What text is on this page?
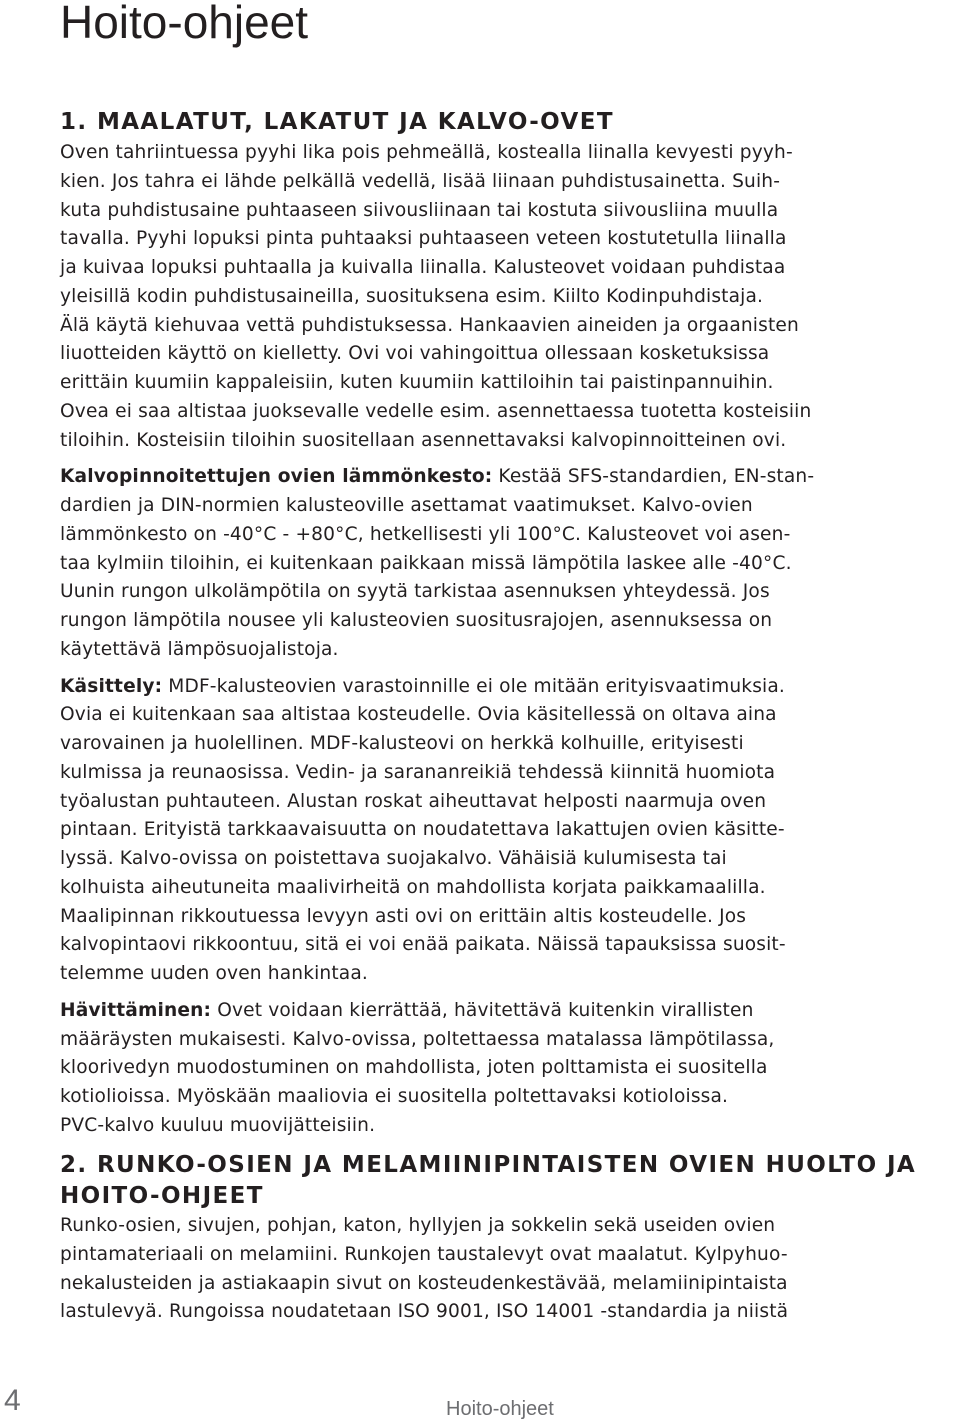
Hoito-ohjeet
1. MAALATUT, LAKATUT JA KALVO-OVET

Oven tahriintuessa pyyhi lika pois pehmeällä, kostealla liinalla kevyesti pyyh-
kien. Jos tahra ei lähde pelkällä vedellä, lisää liinaan puhdistusainetta. Suih-
kuta puhdistusaine puhtaaseen siivousliinaan tai kostuta siivousliina muulla
tavalla. Pyyhi lopuksi pinta puhtaaksi puhtaaseen veteen kostutetulla liinalla
ja kuivaa lopuksi puhtaalla ja kuivalla liinalla. Kalusteovet voidaan puhdistaa
yleisillä kodin puhdistusaineilla, suosituksena esim. Kiilto Kodinpuhdistaja.
Älä käytä kiehuvaa vettä puhdistuksessa. Hankaavien aineiden ja orgaanisten
liuotteiden käyttö on kielletty. Ovi voi vahingoittua ollessaan kosketuksissa
erittäin kuumiin kappaleisiin, kuten kuumiin kattiloihin tai paistinpannuihin.
Ovea ei saa altistaa juoksevalle vedelle esim. asennettaessa tuotetta kosteisiin
tiloihin. Kosteisiin tiloihin suositellaan asennettavaksi kalvopinnoitteinen ovi.

Kalvopinnoitettujen ovien lämmönkesto: Kestää SFS-standardien, EN-stan-
dardien ja DIN-normien kalusteoville asettamat vaatimukset. Kalvo-ovien
lämmönkesto on -40°C - +80°C, hetkellisesti yli 100°C. Kalusteovet voi asen-
taa kylmiin tiloihin, ei kuitenkaan paikkaan missä lämpötila laskee alle -40°C.
Uunin rungon ulkolämpötila on syytä tarkistaa asennuksen yhteydessä. Jos
rungon lämpötila nousee yli kalusteovien suositusrajojen, asennuksessa on
käytettävä lämpösuojalistoja.

Käsittely: MDF-kalusteovien varastoinnille ei ole mitään erityisvaatimuksia.
Ovia ei kuitenkaan saa altistaa kosteudelle. Ovia käsitellessä on oltava aina
varovainen ja huolellinen. MDF-kalusteovi on herkkä kolhuille, erityisesti
kulmissa ja reunaosissa. Vedin- ja sarananreikiä tehdessä kiinnitä huomiota
työalustan puhtauteen. Alustan roskat aiheuttavat helposti naarmuja oven
pintaan. Erityistä tarkkaavaisuutta on noudatettava lakattujen ovien käsitte-
lyssä. Kalvo-ovissa on poistettava suojakalvo. Vähäisiä kulumisesta tai
kolhuista aiheutuneita maalivirheitä on mahdollista korjata paikkamaalilla.
Maalipinnan rikkoutuessa levyyn asti ovi on erittäin altis kosteudelle. Jos
kalvopintaovi rikkoontuu, sitä ei voi enää paikata. Näissä tapauksissa suosit-
telemme uuden oven hankintaa.

Hävittäminen: Ovet voidaan kierrättää, hävitettävä kuitenkin virallisten
määräysten mukaisesti. Kalvo-ovissa, poltettaessa matalassa lämpötilassa,
kloorivedyn muodostuminen on mahdollista, joten polttamista ei suositella
kotiolioissa. Myöskään maaliovia ei suositella poltettavaksi kotioloissa.
PVC-kalvo kuuluu muovijätteisiin.

2. RUNKO-OSIEN JA MELAMIINIPINTAISTEN OVIEN HUOLTO JA
HOITO-OHJEET

Runko-osien, sivujen, pohjan, katon, hyllyjen ja sokkelin sekä useiden ovien
pintamateriaali on melamiini. Runkojen taustalevyt ovat maalatut. Kylpyhuo-
nekalusteiden ja astiakaapin sivut on kosteudenkestävää, melamiinipintaista
lastulevyä. Rungoissa noudatetaan ISO 9001, ISO 14001 -standardia ja niistä

4	Hoito-ohjeet
